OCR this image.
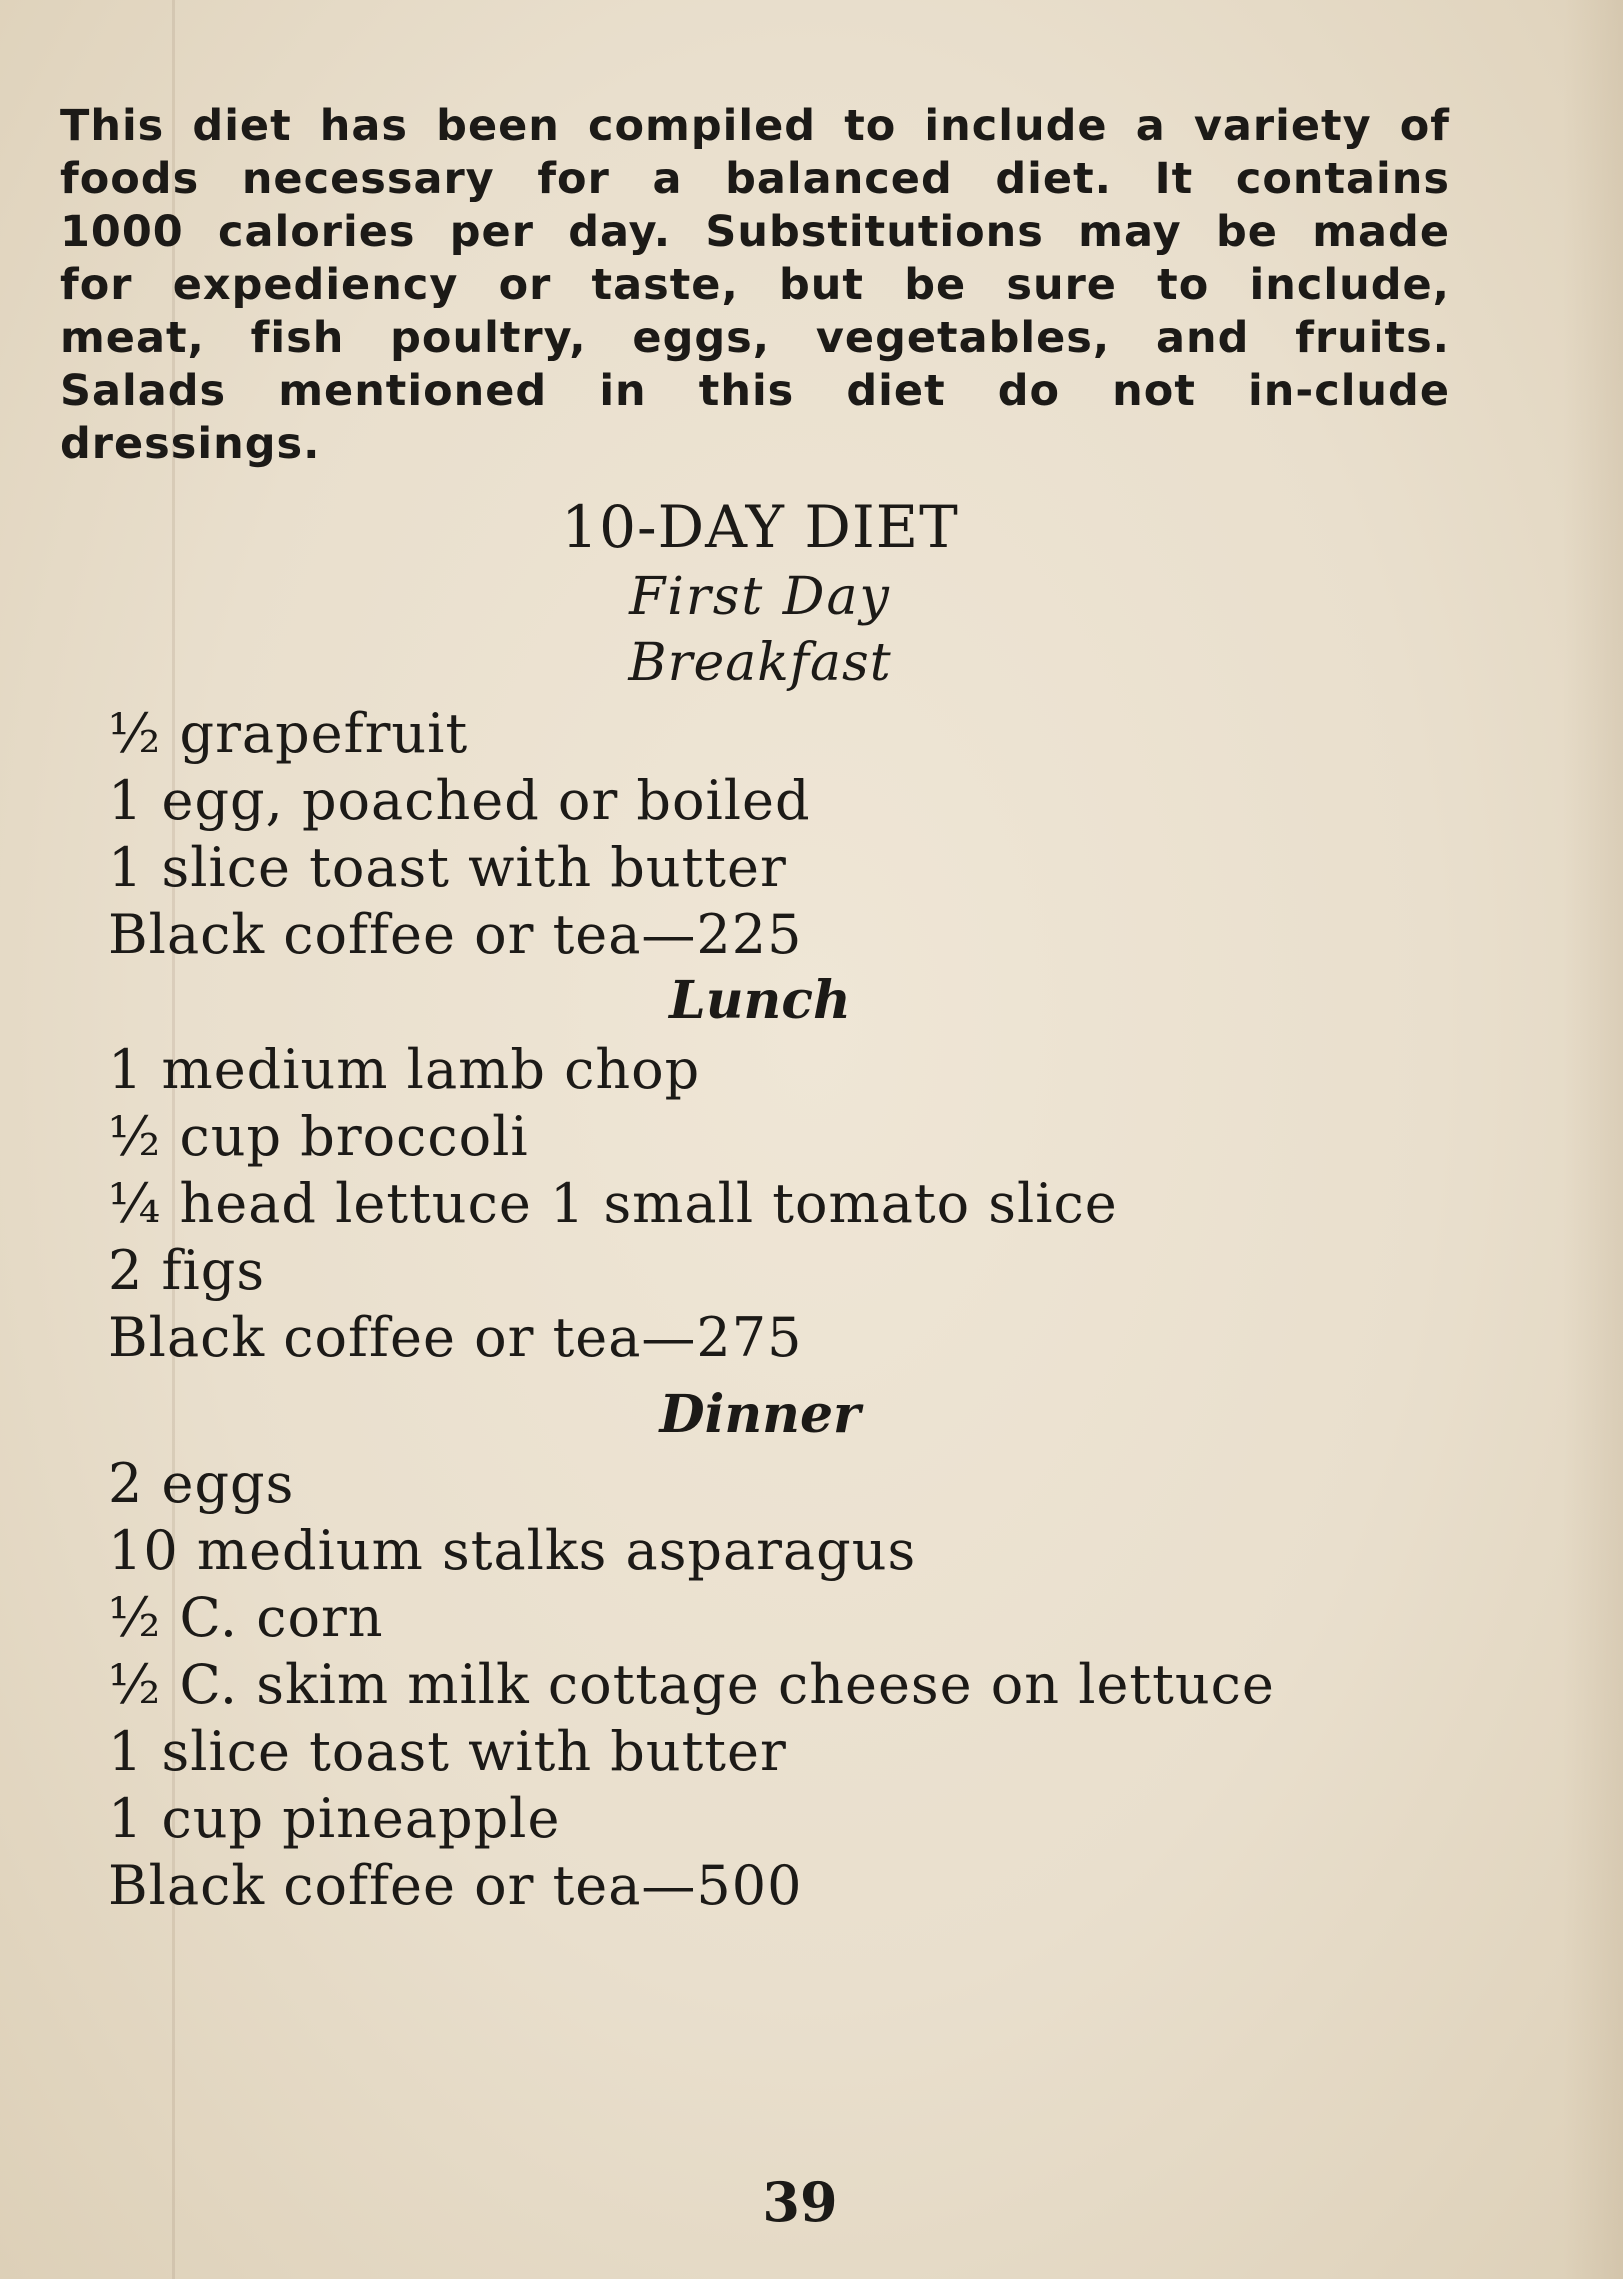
This diet has been compiled to include a variety of foods necessary for a balanced diet. It contains 1000 calories per day. Substitutions may be made for expediency or taste, but be sure to include, meat, fish poultry, eggs, vegetables, and fruits. Salads mentioned in this diet do not in-clude dressings.

10-DAY DIET
First Day
Breakfast
½ grapefruit
1 egg, poached or boiled
1 slice toast with butter
Black coffee or tea—225
Lunch
1 medium lamb chop
½ cup broccoli
¼ head lettuce 1 small tomato slice
2 figs
Black coffee or tea—275
Dinner
2 eggs
10 medium stalks asparagus
½ C. corn
½ C. skim milk cottage cheese on lettuce
1 slice toast with butter
1 cup pineapple
Black coffee or tea—500
39
